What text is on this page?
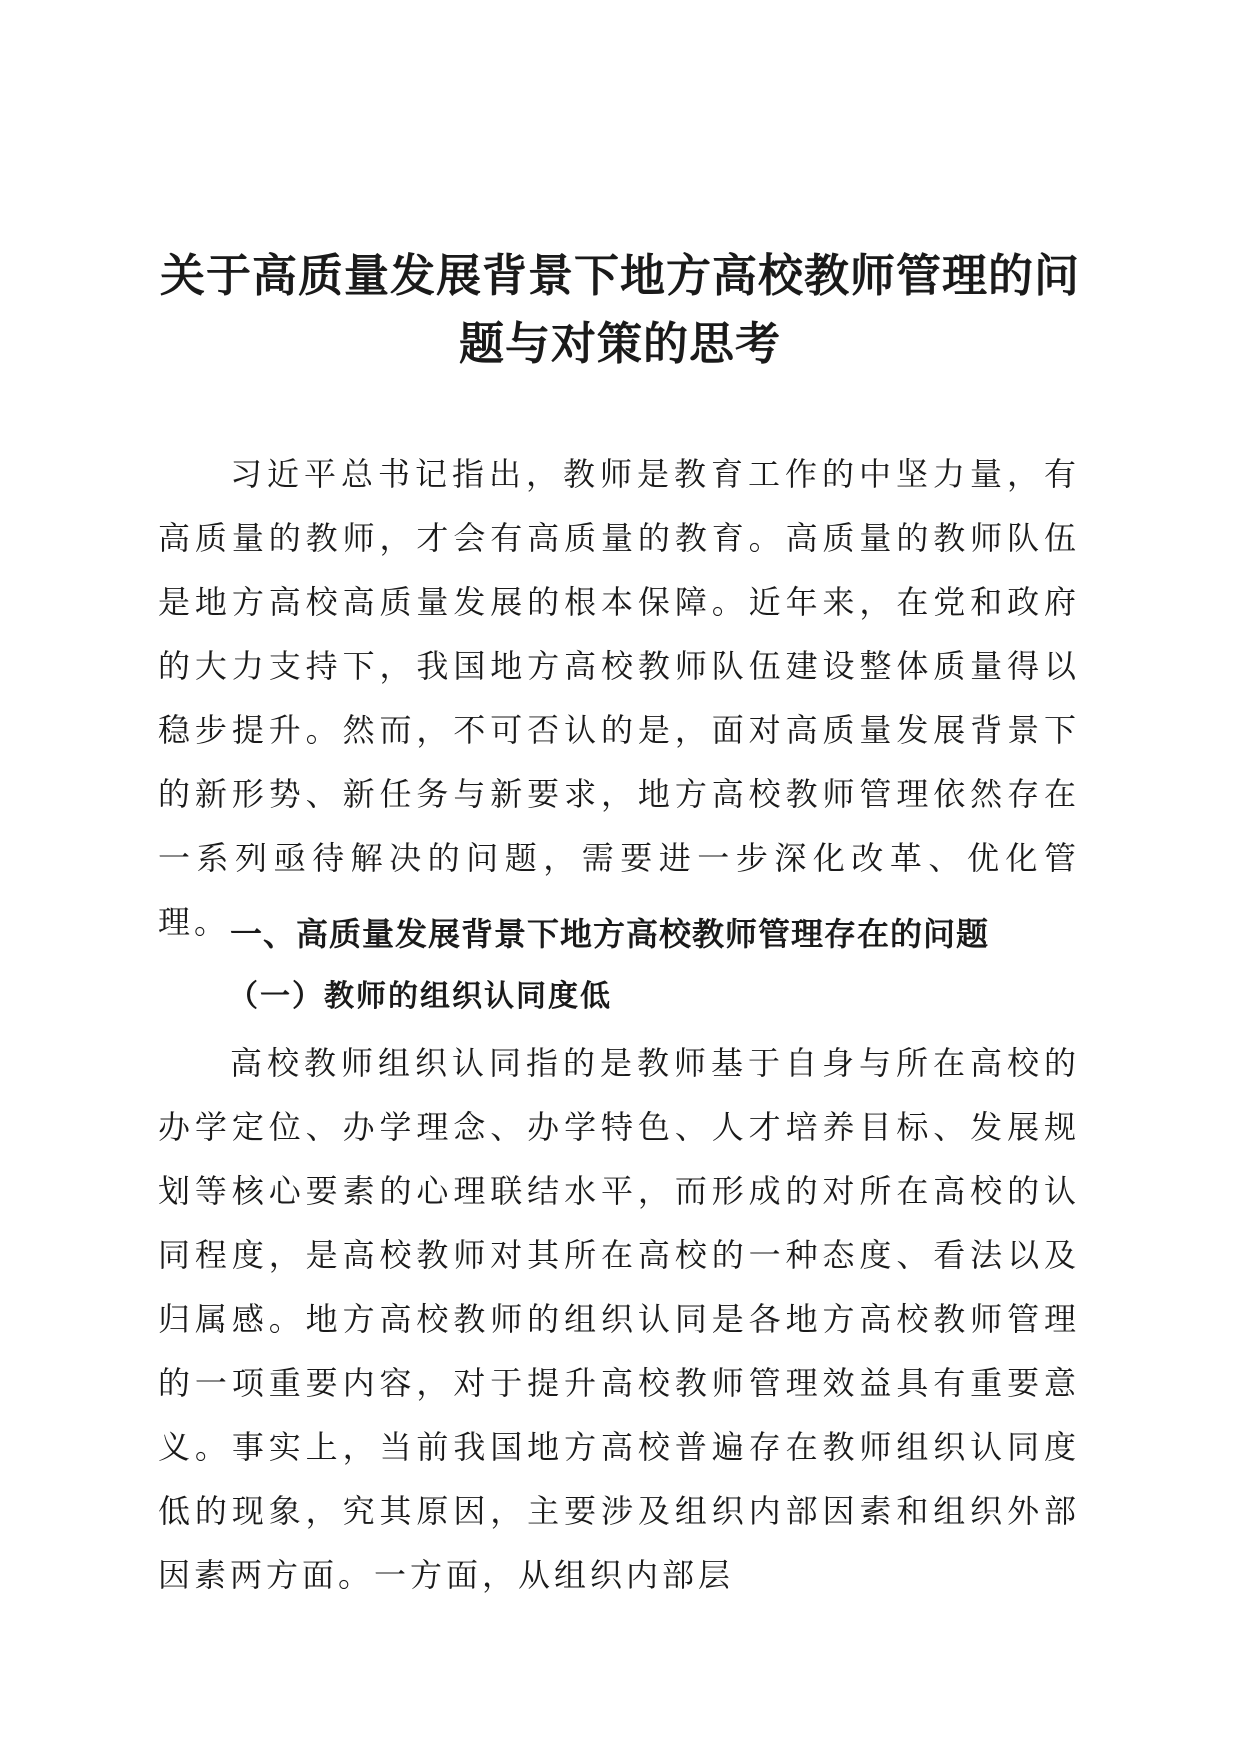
关于高质量发展背景下地方高校教师管理的问题与对策的思考

习近平总书记指出，教师是教育工作的中坚力量，有高质量的教师，才会有高质量的教育。高质量的教师队伍是地方高校高质量发展的根本保障。近年来，在党和政府的大力支持下，我国地方高校教师队伍建设整体质量得以稳步提升。然而，不可否认的是，面对高质量发展背景下的新形势、新任务与新要求，地方高校教师管理依然存在一系列亟待解决的问题，需要进一步深化改革、优化管理。 一、高质量发展背景下地方高校教师管理存在的问题
（一）教师的组织认同度低

高校教师组织认同指的是教师基于自身与所在高校的办学定位、办学理念、办学特色、人才培养目标、发展规划等核心要素的心理联结水平，而形成的对所在高校的认同程度，是高校教师对其所在高校的一种态度、看法以及归属感。地方高校教师的组织认同是各地方高校教师管理的一项重要内容，对于提升高校教师管理效益具有重要意义。事实上，当前我国地方高校普遍存在教师组织认同度低的现象，究其原因，主要涉及组织内部因素和组织外部因素两方面。一方面，从组织内部层
